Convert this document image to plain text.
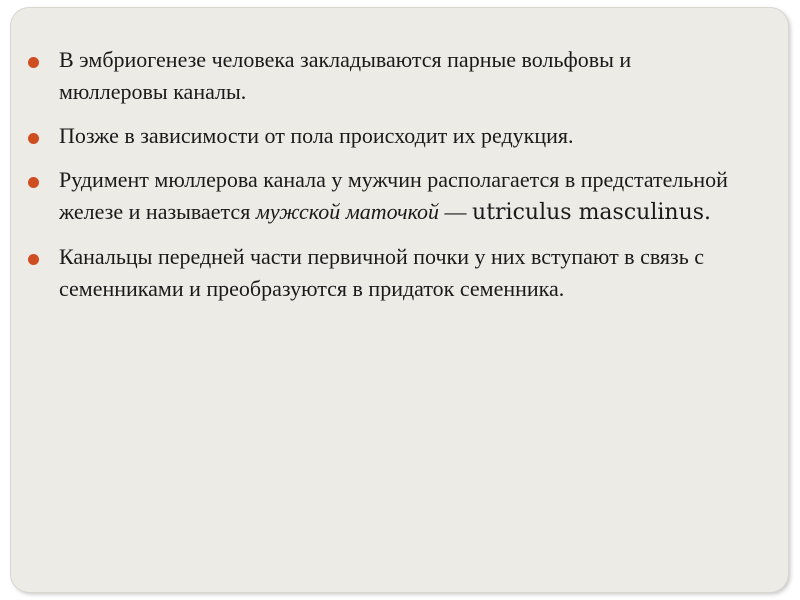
В эмбриогенезе человека закладываются парные вольфовы и мюллеровы каналы.
Позже в зависимости от пола происходит их редукция.
Рудимент мюллерова канала у мужчин располагается в предстательной железе и называется мужской маточкой — utriculus masculinus.
Канальцы передней части первичной почки у них вступают в связь с семенниками и преобразуются в придаток семенника.
